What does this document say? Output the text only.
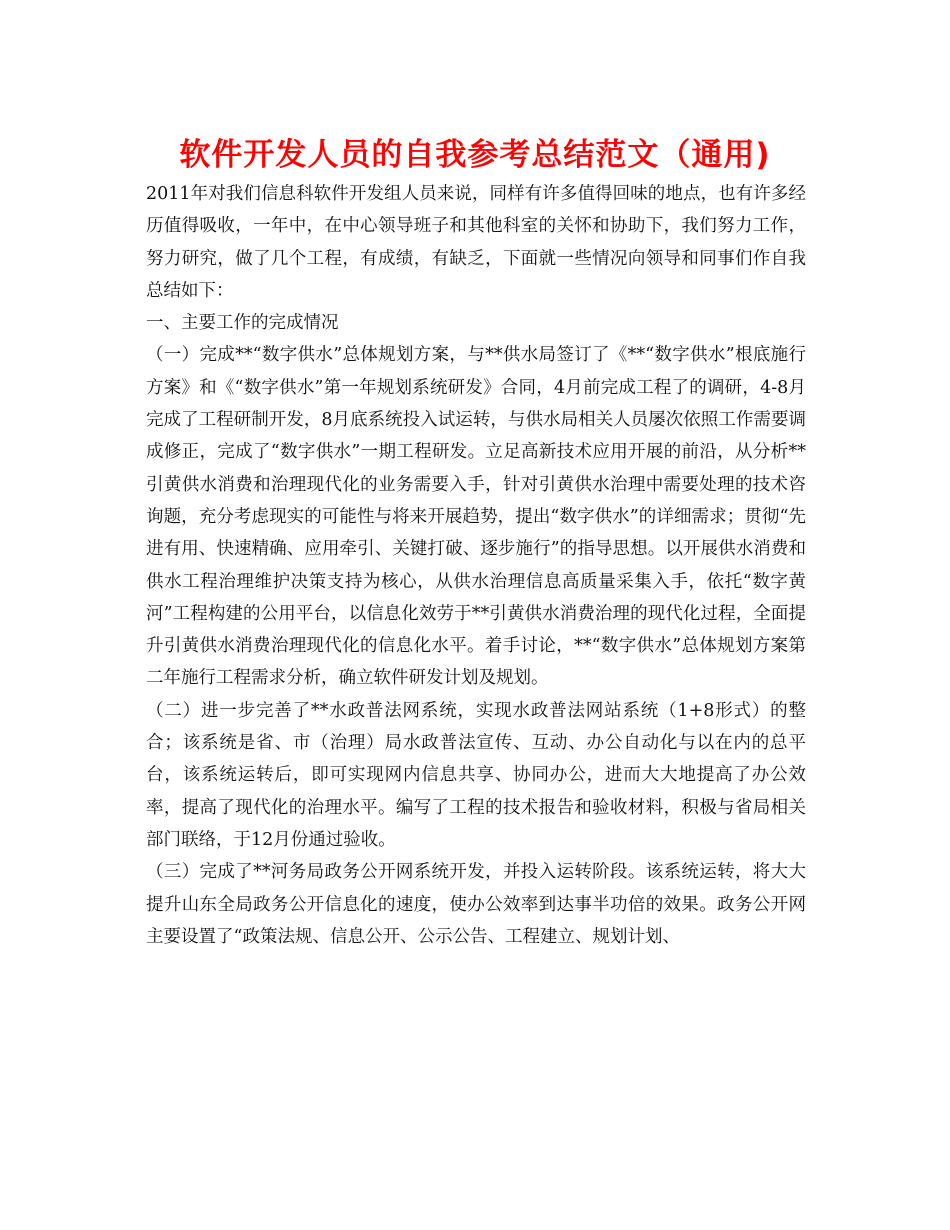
软件开发人员的自我参考总结范文（通用)

2011年对我们信息科软件开发组人员来说，同样有许多值得回味的地点，也有许多经历值得吸收，一年中，在中心领导班子和其他科室的关怀和协助下，我们努力工作，努力研究，做了几个工程，有成绩，有缺乏，下面就一些情况向领导和同事们作自我总结如下：

一、主要工作的完成情况

（一）完成**“数字供水”总体规划方案，与**供水局签订了《**“数字供水”根底施行方案》和《“数字供水”第一年规划系统研发》合同，4月前完成工程了的调研，4-8月完成了工程研制开发，8月底系统投入试运转，与供水局相关人员屡次依照工作需要调成修正，完成了“数字供水”一期工程研发。立足高新技术应用开展的前沿，从分析**引黄供水消费和治理现代化的业务需要入手，针对引黄供水治理中需要处理的技术咨询题，充分考虑现实的可能性与将来开展趋势，提出“数字供水”的详细需求；贯彻“先进有用、快速精确、应用牵引、关键打破、逐步施行”的指导思想。以开展供水消费和供水工程治理维护决策支持为核心，从供水治理信息高质量采集入手，依托“数字黄河”工程构建的公用平台，以信息化效劳于**引黄供水消费治理的现代化过程，全面提升引黄供水消费治理现代化的信息化水平。着手讨论，**“数字供水”总体规划方案第二年施行工程需求分析，确立软件研发计划及规划。

（二）进一步完善了**水政普法网系统，实现水政普法网站系统（1+8形式）的整合；该系统是省、市（治理）局水政普法宣传、互动、办公自动化与以在内的总平台，该系统运转后，即可实现网内信息共享、协同办公，进而大大地提高了办公效率，提高了现代化的治理水平。编写了工程的技术报告和验收材料，积极与省局相关部门联络，于12月份通过验收。

（三）完成了**河务局政务公开网系统开发，并投入运转阶段。该系统运转，将大大提升山东全局政务公开信息化的速度，使办公效率到达事半功倍的效果。政务公开网主要设置了“政策法规、信息公开、公示公告、工程建立、规划计划、
